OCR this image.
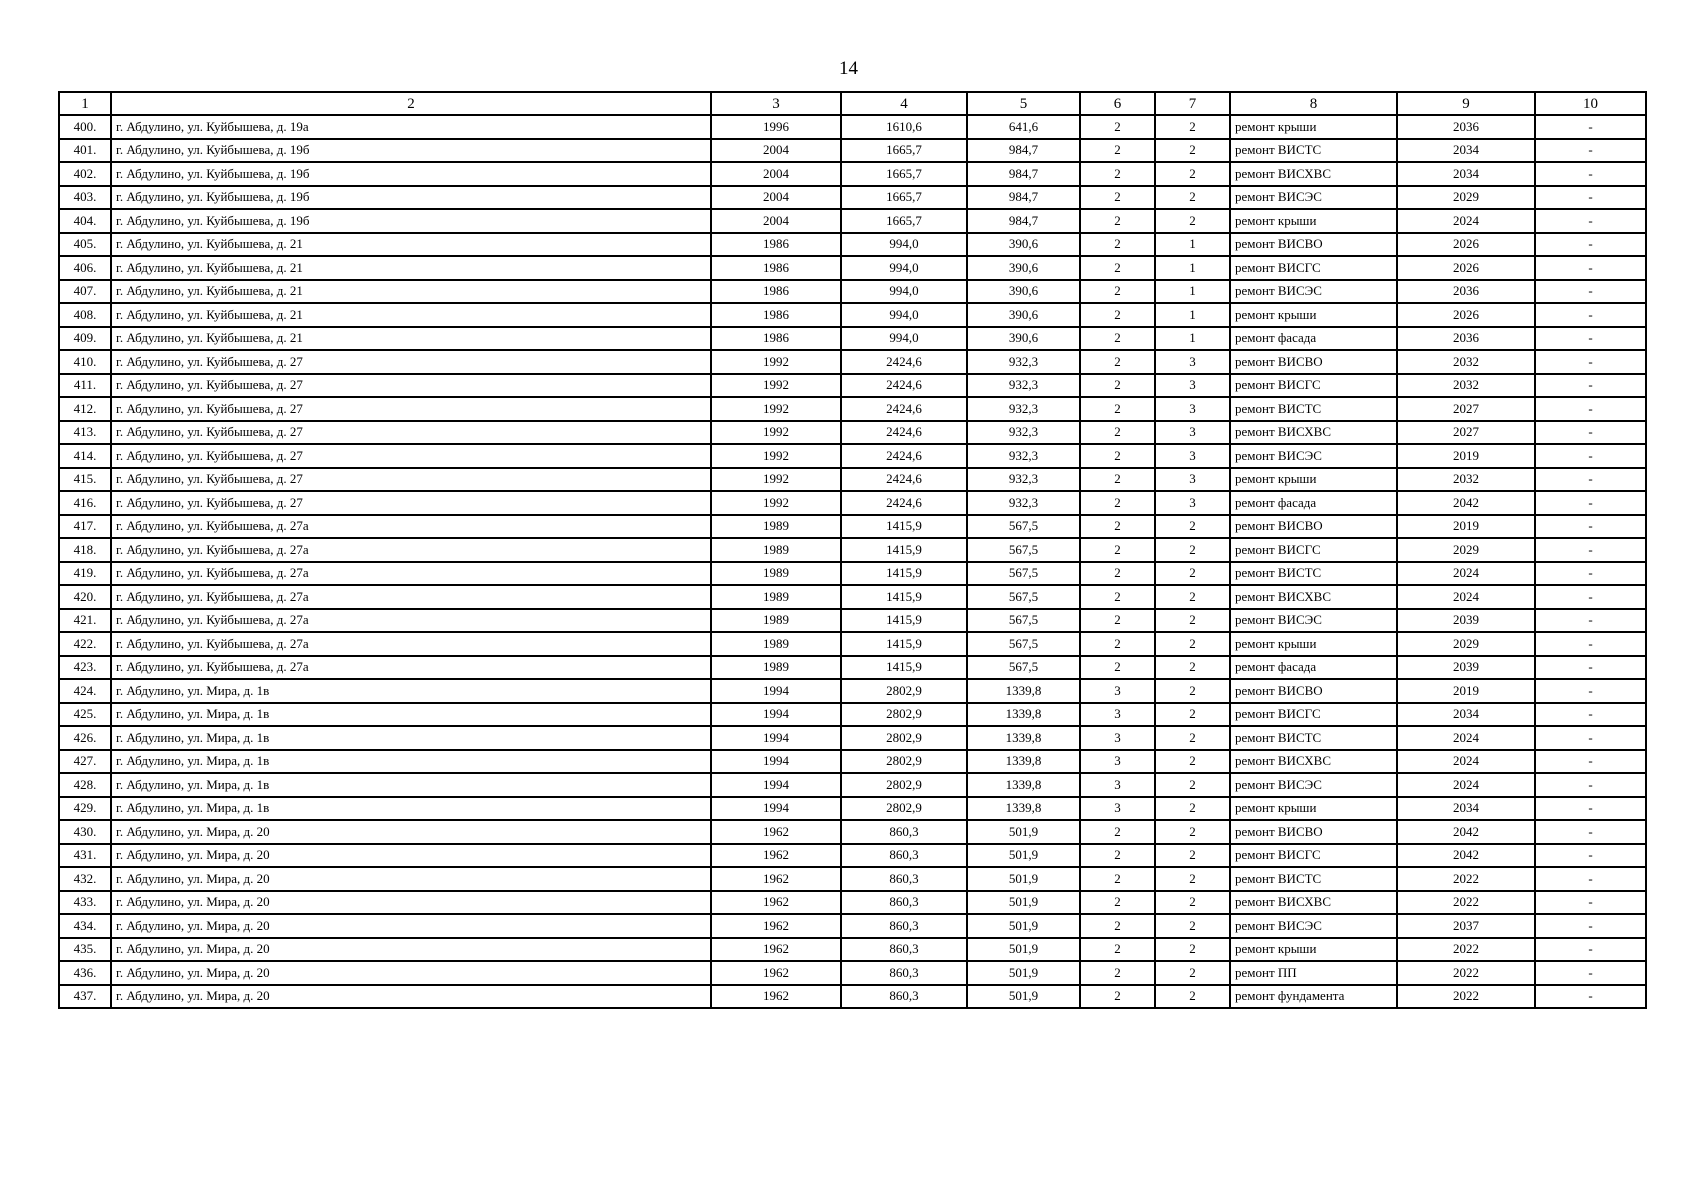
14
1	2	3	4	5	6	7	8	9	10
400.	г. Абдулино, ул. Куйбышева, д. 19а	1996	1610,6	641,6	2	2	ремонт крыши	2036	-
401.	г. Абдулино, ул. Куйбышева, д. 19б	2004	1665,7	984,7	2	2	ремонт ВИСТС	2034	-
402.	г. Абдулино, ул. Куйбышева, д. 19б	2004	1665,7	984,7	2	2	ремонт ВИСХВС	2034	-
403.	г. Абдулино, ул. Куйбышева, д. 19б	2004	1665,7	984,7	2	2	ремонт ВИСЭС	2029	-
404.	г. Абдулино, ул. Куйбышева, д. 19б	2004	1665,7	984,7	2	2	ремонт крыши	2024	-
405.	г. Абдулино, ул. Куйбышева, д. 21	1986	994,0	390,6	2	1	ремонт ВИСВО	2026	-
406.	г. Абдулино, ул. Куйбышева, д. 21	1986	994,0	390,6	2	1	ремонт ВИСГС	2026	-
407.	г. Абдулино, ул. Куйбышева, д. 21	1986	994,0	390,6	2	1	ремонт ВИСЭС	2036	-
408.	г. Абдулино, ул. Куйбышева, д. 21	1986	994,0	390,6	2	1	ремонт крыши	2026	-
409.	г. Абдулино, ул. Куйбышева, д. 21	1986	994,0	390,6	2	1	ремонт фасада	2036	-
410.	г. Абдулино, ул. Куйбышева, д. 27	1992	2424,6	932,3	2	3	ремонт ВИСВО	2032	-
411.	г. Абдулино, ул. Куйбышева, д. 27	1992	2424,6	932,3	2	3	ремонт ВИСГС	2032	-
412.	г. Абдулино, ул. Куйбышева, д. 27	1992	2424,6	932,3	2	3	ремонт ВИСТС	2027	-
413.	г. Абдулино, ул. Куйбышева, д. 27	1992	2424,6	932,3	2	3	ремонт ВИСХВС	2027	-
414.	г. Абдулино, ул. Куйбышева, д. 27	1992	2424,6	932,3	2	3	ремонт ВИСЭС	2019	-
415.	г. Абдулино, ул. Куйбышева, д. 27	1992	2424,6	932,3	2	3	ремонт крыши	2032	-
416.	г. Абдулино, ул. Куйбышева, д. 27	1992	2424,6	932,3	2	3	ремонт фасада	2042	-
417.	г. Абдулино, ул. Куйбышева, д. 27а	1989	1415,9	567,5	2	2	ремонт ВИСВО	2019	-
418.	г. Абдулино, ул. Куйбышева, д. 27а	1989	1415,9	567,5	2	2	ремонт ВИСГС	2029	-
419.	г. Абдулино, ул. Куйбышева, д. 27а	1989	1415,9	567,5	2	2	ремонт ВИСТС	2024	-
420.	г. Абдулино, ул. Куйбышева, д. 27а	1989	1415,9	567,5	2	2	ремонт ВИСХВС	2024	-
421.	г. Абдулино, ул. Куйбышева, д. 27а	1989	1415,9	567,5	2	2	ремонт ВИСЭС	2039	-
422.	г. Абдулино, ул. Куйбышева, д. 27а	1989	1415,9	567,5	2	2	ремонт крыши	2029	-
423.	г. Абдулино, ул. Куйбышева, д. 27а	1989	1415,9	567,5	2	2	ремонт фасада	2039	-
424.	г. Абдулино, ул. Мира, д. 1в	1994	2802,9	1339,8	3	2	ремонт ВИСВО	2019	-
425.	г. Абдулино, ул. Мира, д. 1в	1994	2802,9	1339,8	3	2	ремонт ВИСГС	2034	-
426.	г. Абдулино, ул. Мира, д. 1в	1994	2802,9	1339,8	3	2	ремонт ВИСТС	2024	-
427.	г. Абдулино, ул. Мира, д. 1в	1994	2802,9	1339,8	3	2	ремонт ВИСХВС	2024	-
428.	г. Абдулино, ул. Мира, д. 1в	1994	2802,9	1339,8	3	2	ремонт ВИСЭС	2024	-
429.	г. Абдулино, ул. Мира, д. 1в	1994	2802,9	1339,8	3	2	ремонт крыши	2034	-
430.	г. Абдулино, ул. Мира, д. 20	1962	860,3	501,9	2	2	ремонт ВИСВО	2042	-
431.	г. Абдулино, ул. Мира, д. 20	1962	860,3	501,9	2	2	ремонт ВИСГС	2042	-
432.	г. Абдулино, ул. Мира, д. 20	1962	860,3	501,9	2	2	ремонт ВИСТС	2022	-
433.	г. Абдулино, ул. Мира, д. 20	1962	860,3	501,9	2	2	ремонт ВИСХВС	2022	-
434.	г. Абдулино, ул. Мира, д. 20	1962	860,3	501,9	2	2	ремонт ВИСЭС	2037	-
435.	г. Абдулино, ул. Мира, д. 20	1962	860,3	501,9	2	2	ремонт крыши	2022	-
436.	г. Абдулино, ул. Мира, д. 20	1962	860,3	501,9	2	2	ремонт ПП	2022	-
437.	г. Абдулино, ул. Мира, д. 20	1962	860,3	501,9	2	2	ремонт фундамента	2022	-
